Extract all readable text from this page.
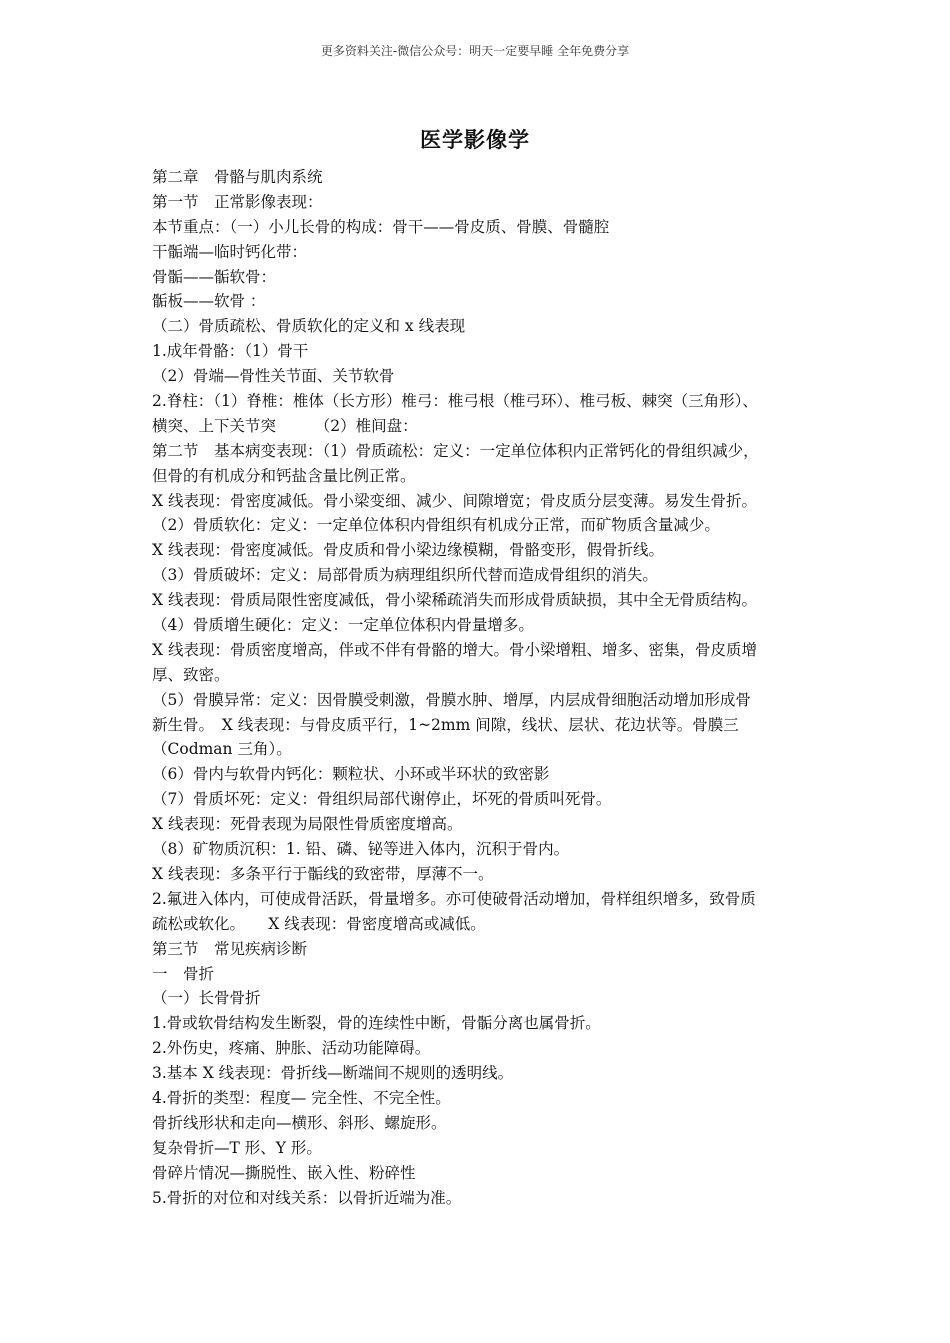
更多资料关注-微信公众号：明天一定要早睡 全年免费分享
医学影像学

第二章　骨骼与肌肉系统

第一节　正常影像表现：

本节重点：（一）小儿长骨的构成：骨干——骨皮质、骨膜、骨髓腔

干骺端—临时钙化带：

骨骺——骺软骨：

骺板——软骨 ：

（二）骨质疏松、骨质软化的定义和 x 线表现

1.成年骨骼：（1）骨干

（2）骨端—骨性关节面、关节软骨

2.脊柱：（1）脊椎：椎体（长方形）椎弓：椎弓根（椎弓环）、椎弓板、棘突（三角形）、

横突、上下关节突　　　（2）椎间盘：

第二节　基本病变表现：（1）骨质疏松：定义：一定单位体积内正常钙化的骨组织减少，

但骨的有机成分和钙盐含量比例正常。

X 线表现：骨密度减低。骨小梁变细、减少、间隙增宽；骨皮质分层变薄。易发生骨折。

（2）骨质软化：定义：一定单位体积内骨组织有机成分正常，而矿物质含量减少。

X 线表现：骨密度减低。骨皮质和骨小梁边缘模糊，骨骼变形，假骨折线。

（3）骨质破坏：定义：局部骨质为病理组织所代替而造成骨组织的消失。

X 线表现：骨质局限性密度减低，骨小梁稀疏消失而形成骨质缺损，其中全无骨质结构。

（4）骨质增生硬化：定义：一定单位体积内骨量增多。

X 线表现：骨质密度增高，伴或不伴有骨骼的增大。骨小梁增粗、增多、密集，骨皮质增

厚、致密。

（5）骨膜异常：定义：因骨膜受刺激，骨膜水肿、增厚，内层成骨细胞活动增加形成骨

新生骨。　X 线表现：与骨皮质平行，1~2mm 间隙，线状、层状、花边状等。骨膜三

（Codman 三角）。

（6）骨内与软骨内钙化：颗粒状、小环或半环状的致密影

（7）骨质坏死：定义：骨组织局部代谢停止，坏死的骨质叫死骨。

X 线表现：死骨表现为局限性骨质密度增高。

（8）矿物质沉积：1. 铅、磷、铋等进入体内，沉积于骨内。

X 线表现：多条平行于骺线的致密带，厚薄不一。

2.氟进入体内，可使成骨活跃，骨量增多。亦可使破骨活动增加，骨样组织增多，致骨质

疏松或软化。　　X 线表现：骨密度增高或减低。

第三节　常见疾病诊断

一　骨折

（一）长骨骨折

1.骨或软骨结构发生断裂，骨的连续性中断，骨骺分离也属骨折。

2.外伤史，疼痛、肿胀、活动功能障碍。

3.基本 X 线表现：骨折线—断端间不规则的透明线。

4.骨折的类型：程度— 完全性、不完全性。

骨折线形状和走向—横形、斜形、螺旋形。

复杂骨折—T 形、Y 形。

骨碎片情况—撕脱性、嵌入性、粉碎性

5.骨折的对位和对线关系：以骨折近端为准。
